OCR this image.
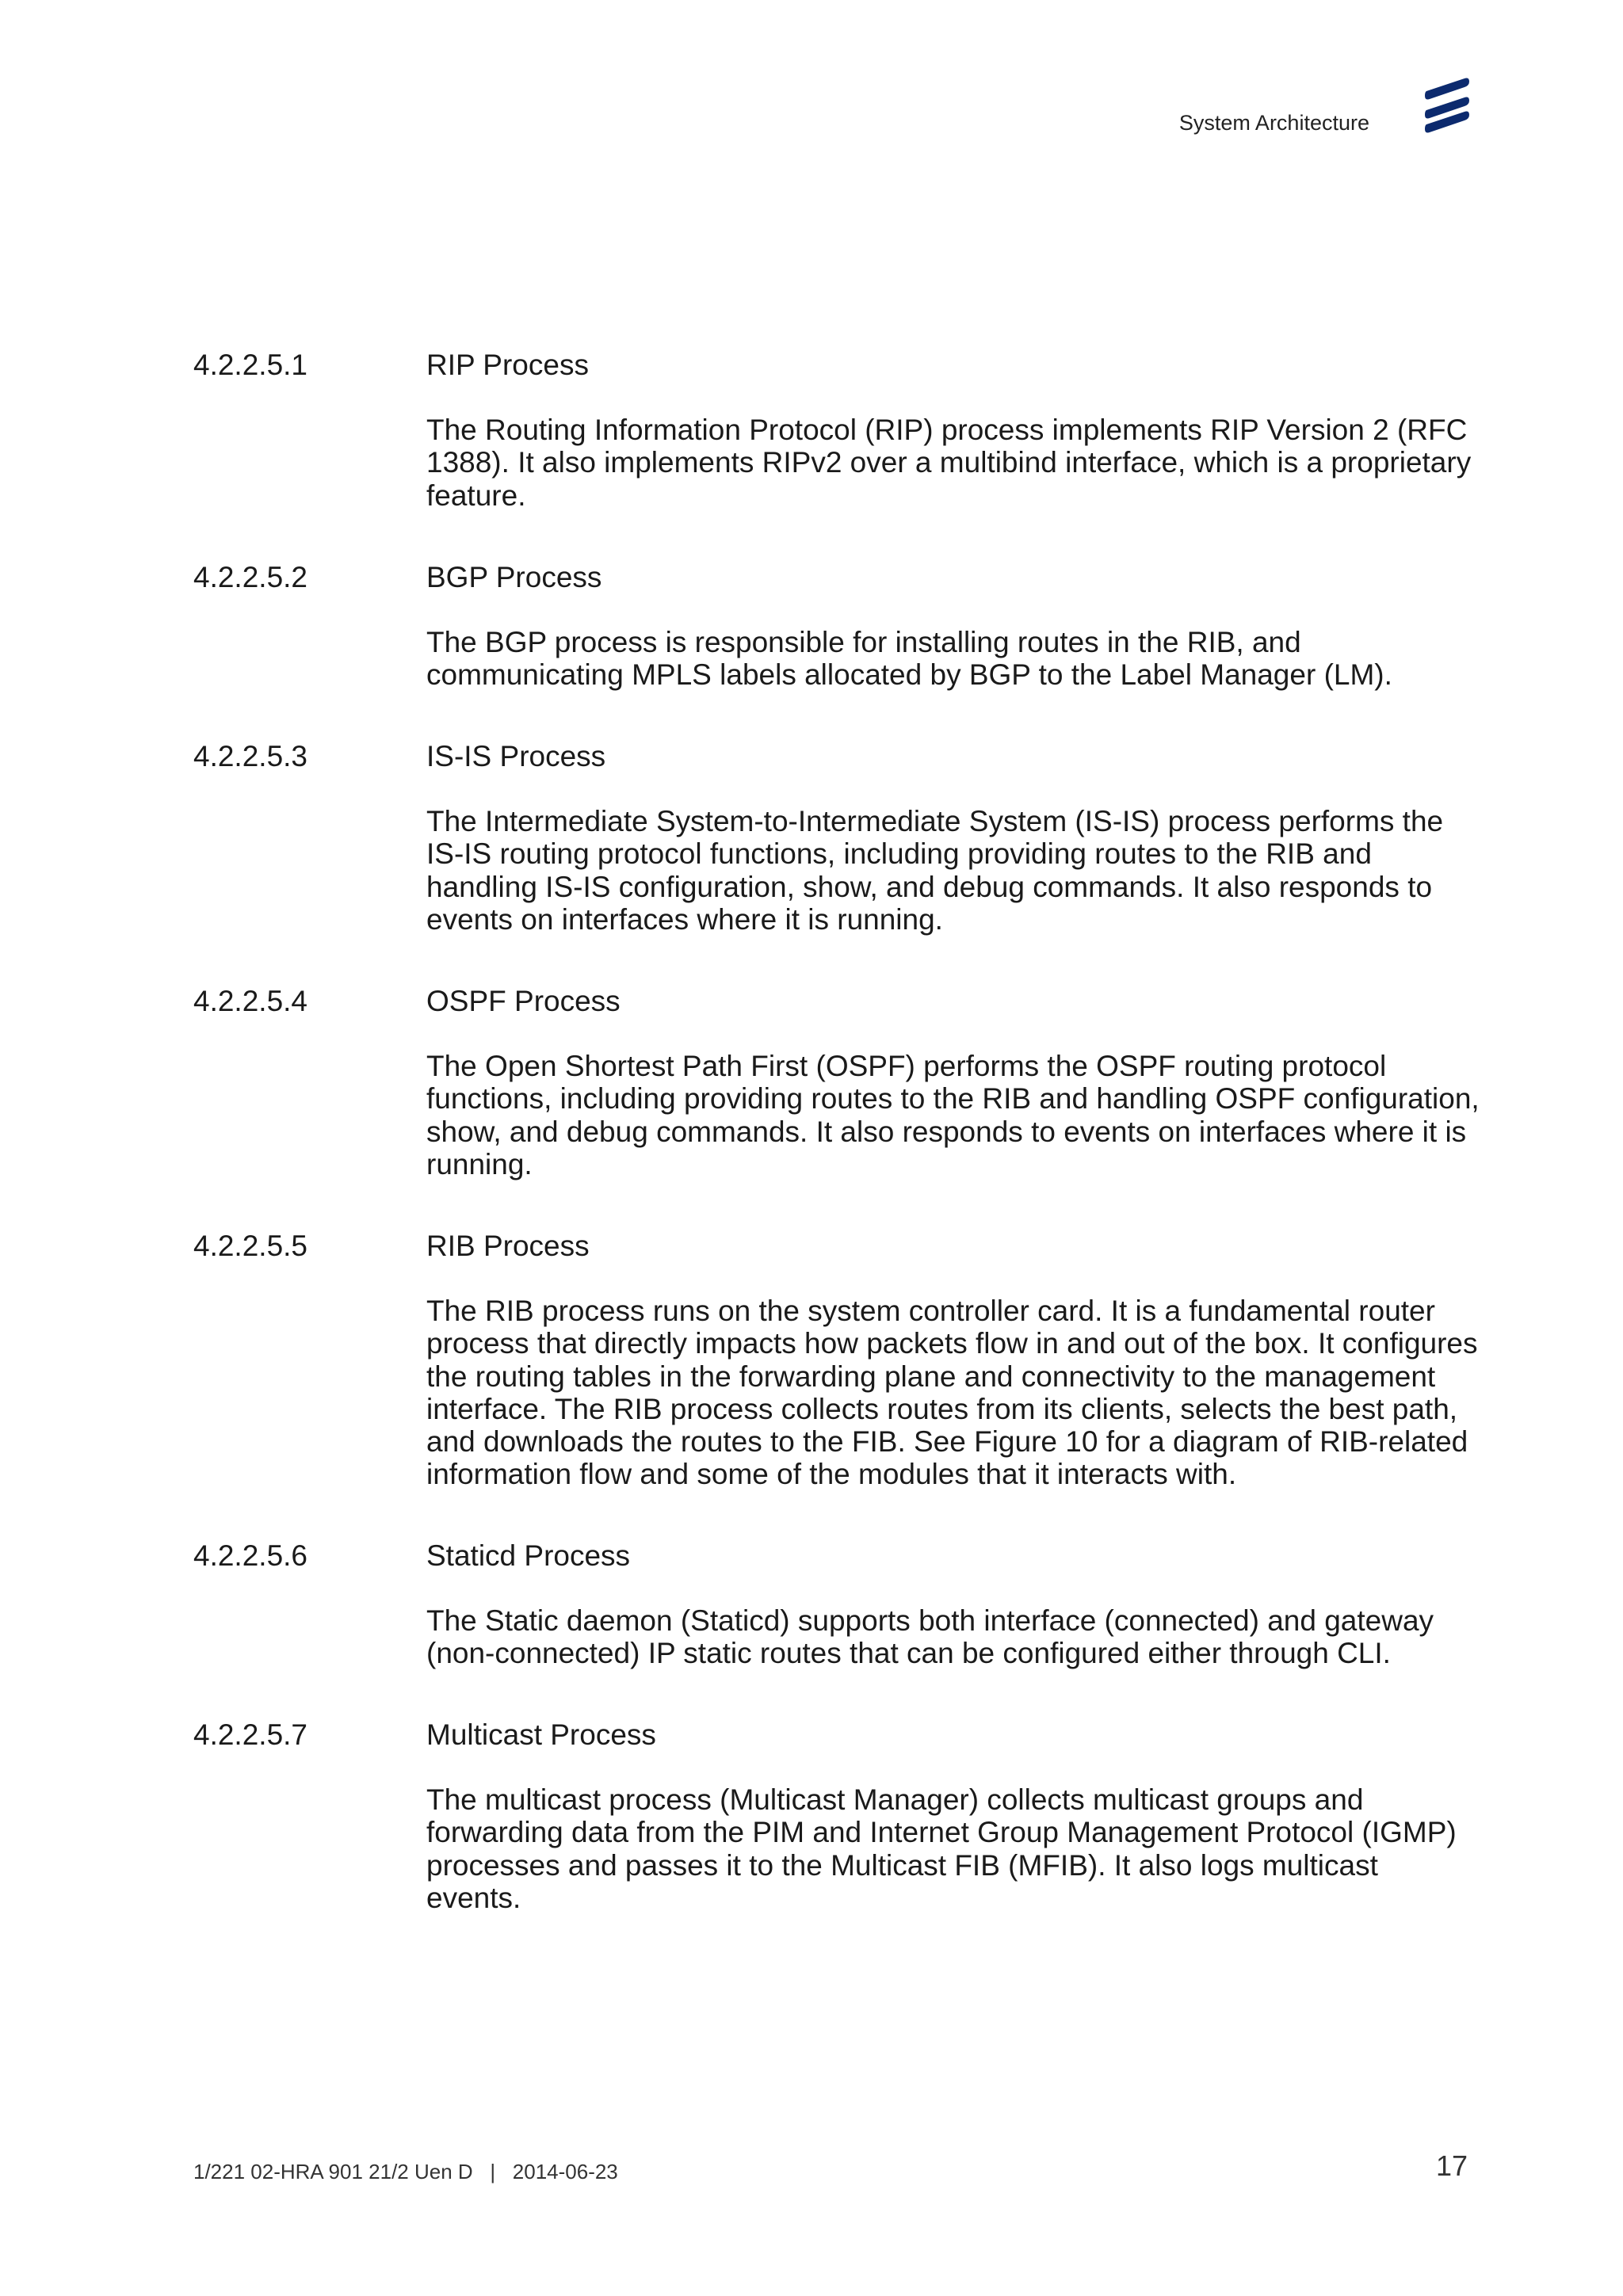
System Architecture
4.2.2.5.1	RIP Process
The Routing Information Protocol (RIP) process implements RIP Version 2 (RFC 1388). It also implements RIPv2 over a multibind interface, which is a proprietary feature.
4.2.2.5.2	BGP Process
The BGP process is responsible for installing routes in the RIB, and communicating MPLS labels allocated by BGP to the Label Manager (LM).
4.2.2.5.3	IS-IS Process
The Intermediate System-to-Intermediate System (IS-IS) process performs the IS-IS routing protocol functions, including providing routes to the RIB and handling IS-IS configuration, show, and debug commands. It also responds to events on interfaces where it is running.
4.2.2.5.4	OSPF Process
The Open Shortest Path First (OSPF) performs the OSPF routing protocol functions, including providing routes to the RIB and handling OSPF configuration, show, and debug commands. It also responds to events on interfaces where it is running.
4.2.2.5.5	RIB Process
The RIB process runs on the system controller card. It is a fundamental router process that directly impacts how packets flow in and out of the box. It configures the routing tables in the forwarding plane and connectivity to the management interface. The RIB process collects routes from its clients, selects the best path, and downloads the routes to the FIB. See Figure 10 for a diagram of RIB-related information flow and some of the modules that it interacts with.
4.2.2.5.6	Staticd Process
The Static daemon (Staticd) supports both interface (connected) and gateway (non-connected) IP static routes that can be configured either through CLI.
4.2.2.5.7	Multicast Process
The multicast process (Multicast Manager) collects multicast groups and forwarding data from the PIM and Internet Group Management Protocol (IGMP) processes and passes it to the Multicast FIB (MFIB). It also logs multicast events.
1/221 02-HRA 901 21/2 Uen D   |   2014-06-23	17
